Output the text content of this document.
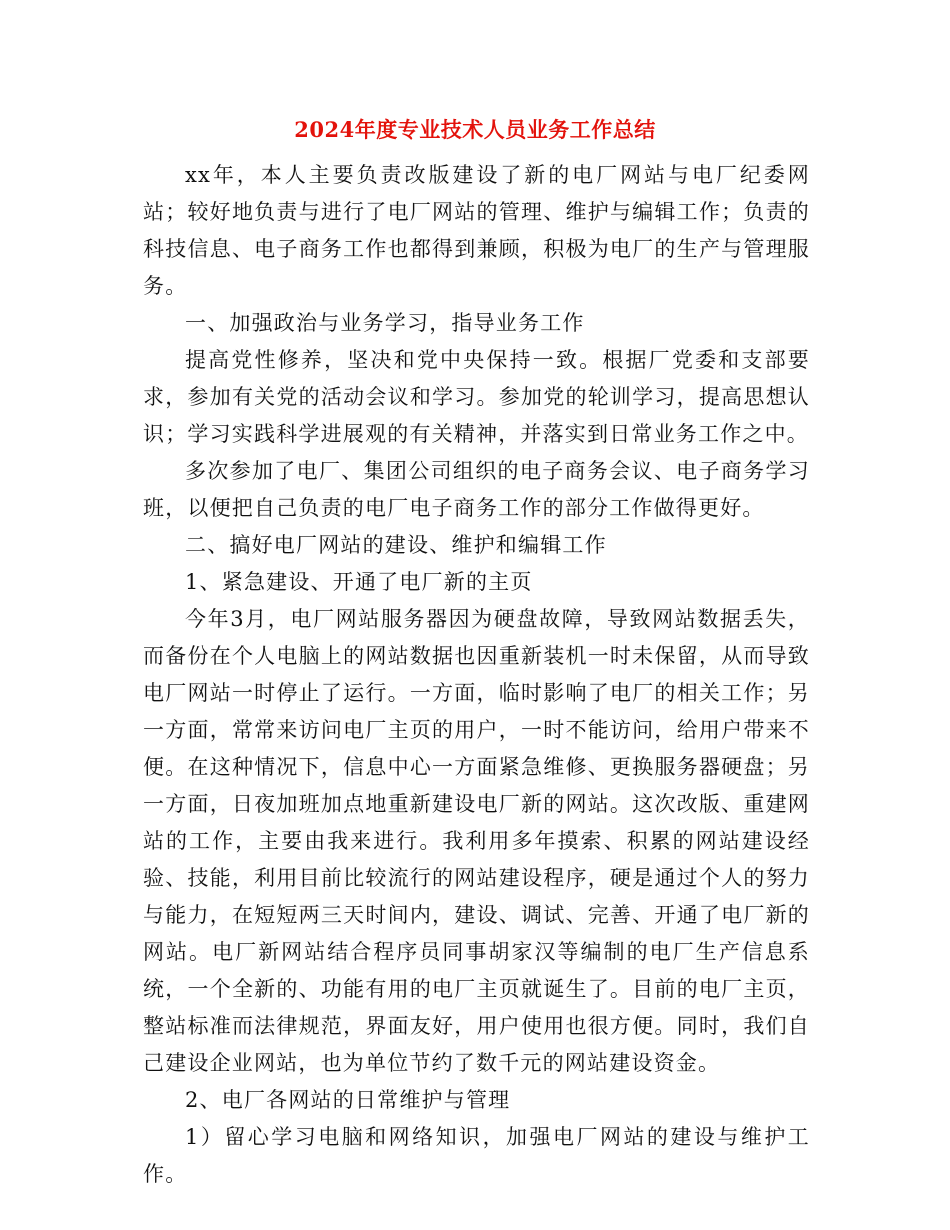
2024年度专业技术人员业务工作总结

xx年，本人主要负责改版建设了新的电厂网站与电厂纪委网站；较好地负责与进行了电厂网站的管理、维护与编辑工作；负责的科技信息、电子商务工作也都得到兼顾，积极为电厂的生产与管理服务。

一、加强政治与业务学习，指导业务工作

提高党性修养，坚决和党中央保持一致。根据厂党委和支部要求，参加有关党的活动会议和学习。参加党的轮训学习，提高思想认识；学习实践科学进展观的有关精神，并落实到日常业务工作之中。

多次参加了电厂、集团公司组织的电子商务会议、电子商务学习班，以便把自己负责的电厂电子商务工作的部分工作做得更好。

二、搞好电厂网站的建设、维护和编辑工作

1、紧急建设、开通了电厂新的主页

今年3月，电厂网站服务器因为硬盘故障，导致网站数据丢失，而备份在个人电脑上的网站数据也因重新装机一时未保留，从而导致电厂网站一时停止了运行。一方面，临时影响了电厂的相关工作；另一方面，常常来访问电厂主页的用户，一时不能访问，给用户带来不便。在这种情况下，信息中心一方面紧急维修、更换服务器硬盘；另一方面，日夜加班加点地重新建设电厂新的网站。这次改版、重建网站的工作，主要由我来进行。我利用多年摸索、积累的网站建设经验、技能，利用目前比较流行的网站建设程序，硬是通过个人的努力与能力，在短短两三天时间内，建设、调试、完善、开通了电厂新的网站。电厂新网站结合程序员同事胡家汉等编制的电厂生产信息系统，一个全新的、功能有用的电厂主页就诞生了。目前的电厂主页，整站标准而法律规范，界面友好，用户使用也很方便。同时，我们自己建设企业网站，也为单位节约了数千元的网站建设资金。

2、电厂各网站的日常维护与管理

1）留心学习电脑和网络知识，加强电厂网站的建设与维护工作。
